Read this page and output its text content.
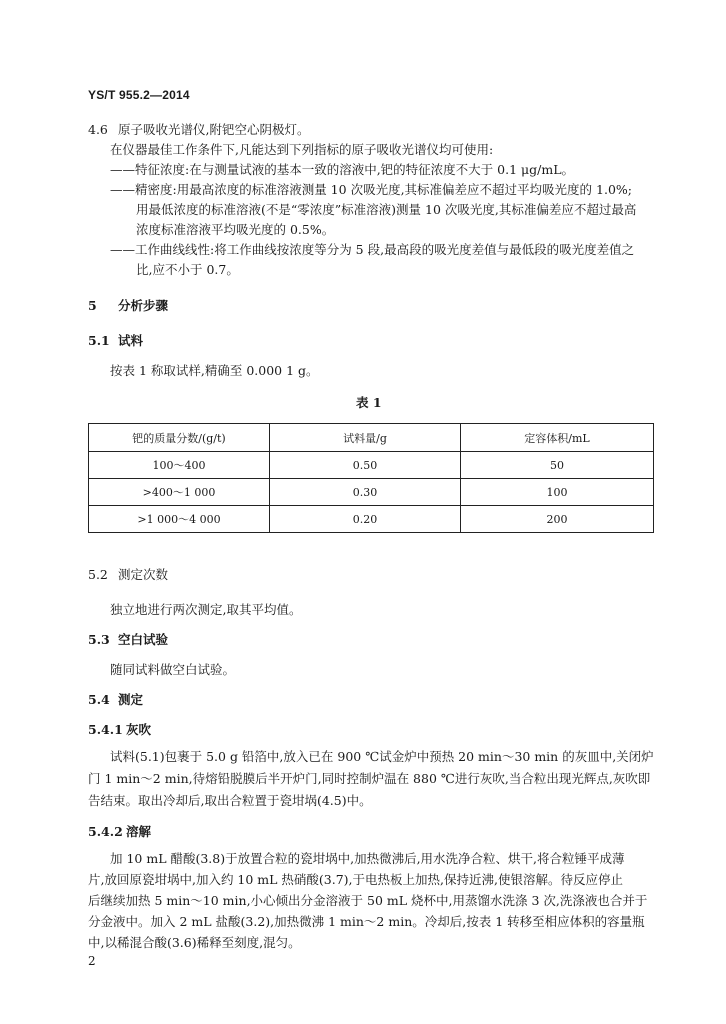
YS/T 955.2—2014
4.6 原子吸收光谱仪,附钯空心阴极灯。
在仪器最佳工作条件下,凡能达到下列指标的原子吸收光谱仪均可使用:
——特征浓度:在与测量试液的基本一致的溶液中,钯的特征浓度不大于 0.1 μg/mL。
——精密度:用最高浓度的标准溶液测量 10 次吸光度,其标准偏差应不超过平均吸光度的 1.0%;
用最低浓度的标准溶液(不是“零浓度”标准溶液)测量 10 次吸光度,其标准偏差应不超过最高
浓度标准溶液平均吸光度的 0.5%。
——工作曲线线性:将工作曲线按浓度等分为 5 段,最高段的吸光度差值与最低段的吸光度差值之
比,应不小于 0.7。
5 分析步骤
5.1 试料
按表 1 称取试样,精确至 0.000 1 g。
表 1
钯的质量分数/(g/t)	试料量/g	定容体积/mL
100～400	0.50	50
>400～1 000	0.30	100
>1 000～4 000	0.20	200
5.2 测定次数
独立地进行两次测定,取其平均值。
5.3 空白试验
随同试料做空白试验。
5.4 测定
5.4.1 灰吹
试料(5.1)包裹于 5.0 g 铅箔中,放入已在 900 ℃试金炉中预热 20 min～30 min 的灰皿中,关闭炉
门 1 min～2 min,待熔铅脱膜后半开炉门,同时控制炉温在 880 ℃进行灰吹,当合粒出现光辉点,灰吹即
告结束。取出冷却后,取出合粒置于瓷坩埚(4.5)中。
5.4.2 溶解
加 10 mL 醋酸(3.8)于放置合粒的瓷坩埚中,加热微沸后,用水洗净合粒、烘干,将合粒锤平成薄
片,放回原瓷坩埚中,加入约 10 mL 热硝酸(3.7),于电热板上加热,保持近沸,使银溶解。待反应停止
后继续加热 5 min～10 min,小心倾出分金溶液于 50 mL 烧杯中,用蒸馏水洗涤 3 次,洗涤液也合并于
分金液中。加入 2 mL 盐酸(3.2),加热微沸 1 min～2 min。冷却后,按表 1 转移至相应体积的容量瓶
中,以稀混合酸(3.6)稀释至刻度,混匀。
2
